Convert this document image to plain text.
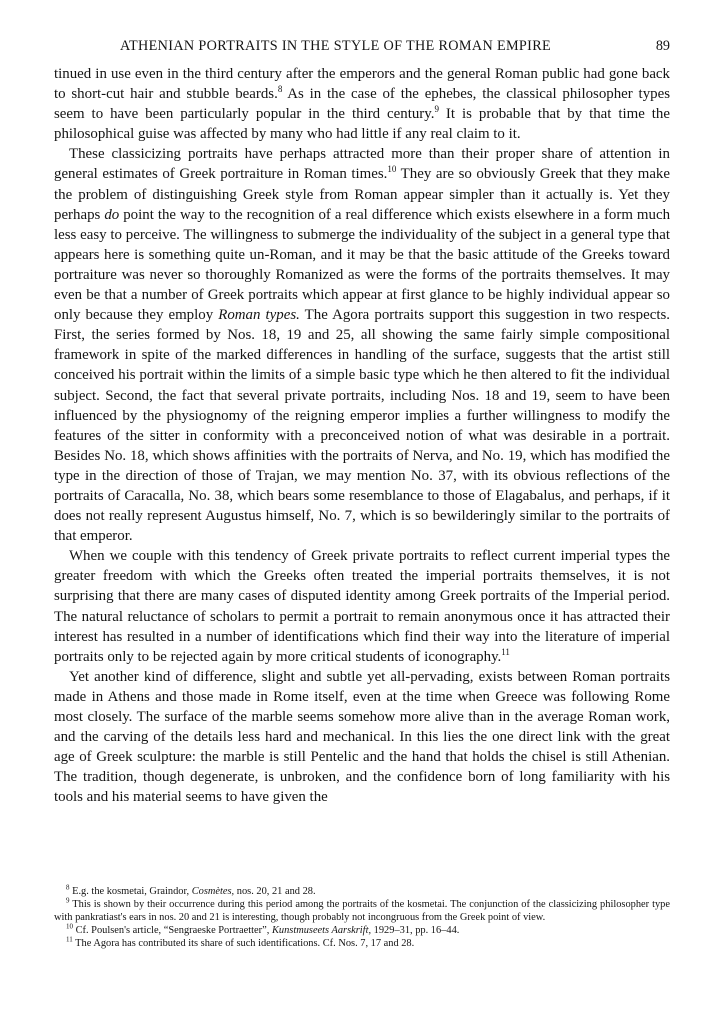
ATHENIAN PORTRAITS IN THE STYLE OF THE ROMAN EMPIRE	89

tinued in use even in the third century after the emperors and the general Roman public had gone back to short-cut hair and stubble beards.$^8$ As in the case of the ephebes, the classical philosopher types seem to have been particularly popular in the third century.$^9$ It is probable that by that time the philosophical guise was affected by many who had little if any real claim to it.

These classicizing portraits have perhaps attracted more than their proper share of attention in general estimates of Greek portraiture in Roman times.$^{10}$ They are so obviously Greek that they make the problem of distinguishing Greek style from Roman appear simpler than it actually is. Yet they perhaps do point the way to the recognition of a real difference which exists elsewhere in a form much less easy to perceive. The willingness to submerge the individuality of the subject in a general type that appears here is something quite un-Roman, and it may be that the basic attitude of the Greeks toward portraiture was never so thoroughly Romanized as were the forms of the portraits themselves. It may even be that a number of Greek portraits which appear at first glance to be highly individual appear so only because they employ Roman types. The Agora portraits support this suggestion in two respects. First, the series formed by Nos. 18, 19 and 25, all showing the same fairly simple compositional framework in spite of the marked differences in handling of the surface, suggests that the artist still conceived his portrait within the limits of a simple basic type which he then altered to fit the individual subject. Second, the fact that several private portraits, including Nos. 18 and 19, seem to have been influenced by the physiognomy of the reigning emperor implies a further willingness to modify the features of the sitter in conformity with a preconceived notion of what was desirable in a portrait. Besides No. 18, which shows affinities with the portraits of Nerva, and No. 19, which has modified the type in the direction of those of Trajan, we may mention No. 37, with its obvious reflections of the portraits of Caracalla, No. 38, which bears some resemblance to those of Elagabalus, and perhaps, if it does not really represent Augustus himself, No. 7, which is so bewilderingly similar to the portraits of that emperor.

When we couple with this tendency of Greek private portraits to reflect current imperial types the greater freedom with which the Greeks often treated the imperial portraits themselves, it is not surprising that there are many cases of disputed identity among Greek portraits of the Imperial period. The natural reluctance of scholars to permit a portrait to remain anonymous once it has attracted their interest has resulted in a number of identifications which find their way into the literature of imperial portraits only to be rejected again by more critical students of iconography.$^{11}$

Yet another kind of difference, slight and subtle yet all-pervading, exists between Roman portraits made in Athens and those made in Rome itself, even at the time when Greece was following Rome most closely. The surface of the marble seems somehow more alive than in the average Roman work, and the carving of the details less hard and mechanical. In this lies the one direct link with the great age of Greek sculpture: the marble is still Pentelic and the hand that holds the chisel is still Athenian. The tradition, though degenerate, is unbroken, and the confidence born of long familiarity with his tools and his material seems to have given the

$^8$ E.g. the kosmetai, Graindor, Cosmètes, nos. 20, 21 and 28.

$^9$ This is shown by their occurrence during this period among the portraits of the kosmetai. The conjunction of the classicizing philosopher type with pankratiast's ears in nos. 20 and 21 is interesting, though probably not incongruous from the Greek point of view.

$^{10}$ Cf. Poulsen's article, “Sengraeske Portraetter”, Kunstmuseets Aarskrift, 1929–31, pp. 16–44.

$^{11}$ The Agora has contributed its share of such identifications. Cf. Nos. 7, 17 and 28.
